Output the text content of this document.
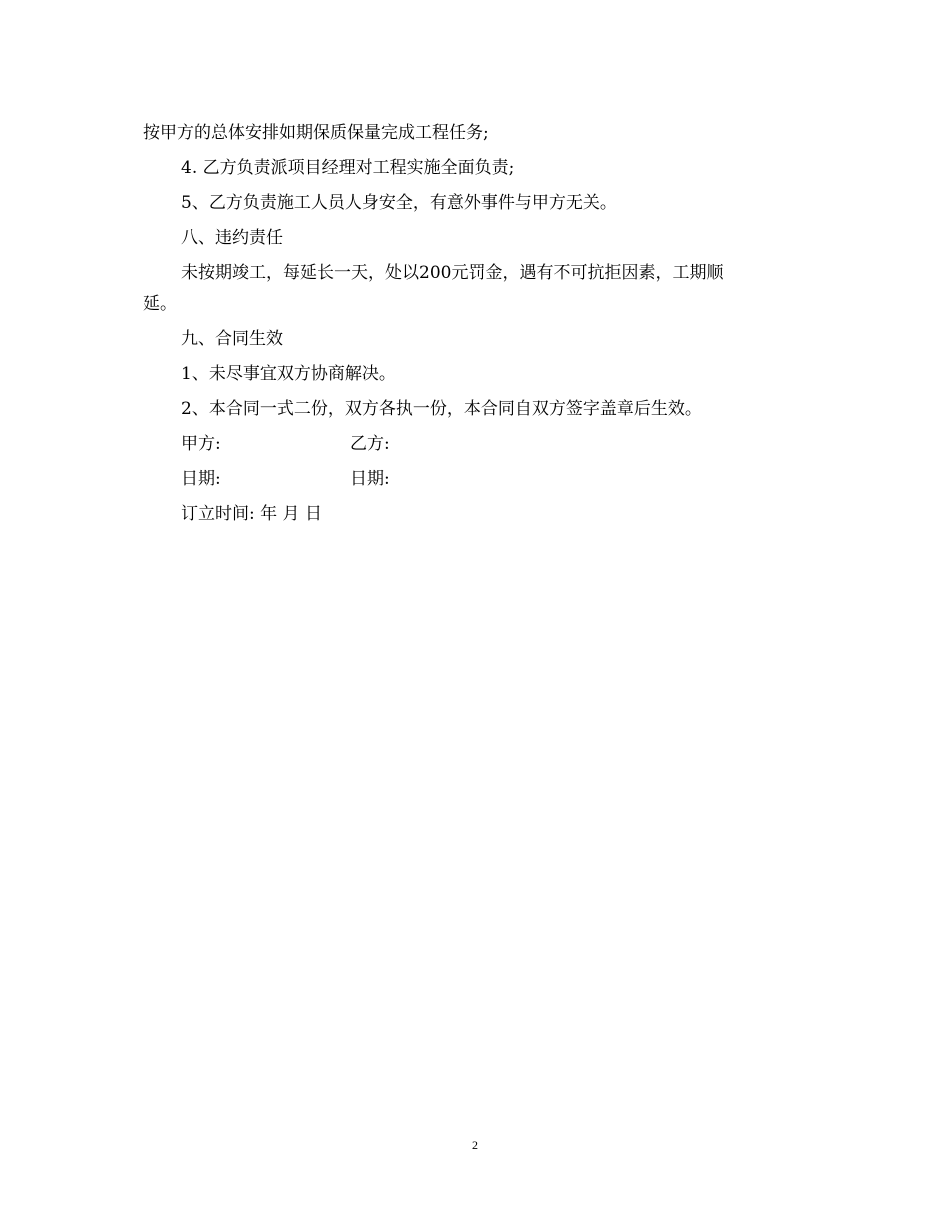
按甲方的总体安排如期保质保量完成工程任务;

4. 乙方负责派项目经理对工程实施全面负责;

5、乙方负责施工人员人身安全，有意外事件与甲方无关。

八、违约责任

未按期竣工，每延长一天，处以200元罚金，遇有不可抗拒因素，工期顺

延。

九、合同生效

1、未尽事宜双方协商解决。

2、本合同一式二份，双方各执一份，本合同自双方签字盖章后生效。

甲方:	乙方:
日期:	日期:
订立时间: 年 月 日
2
